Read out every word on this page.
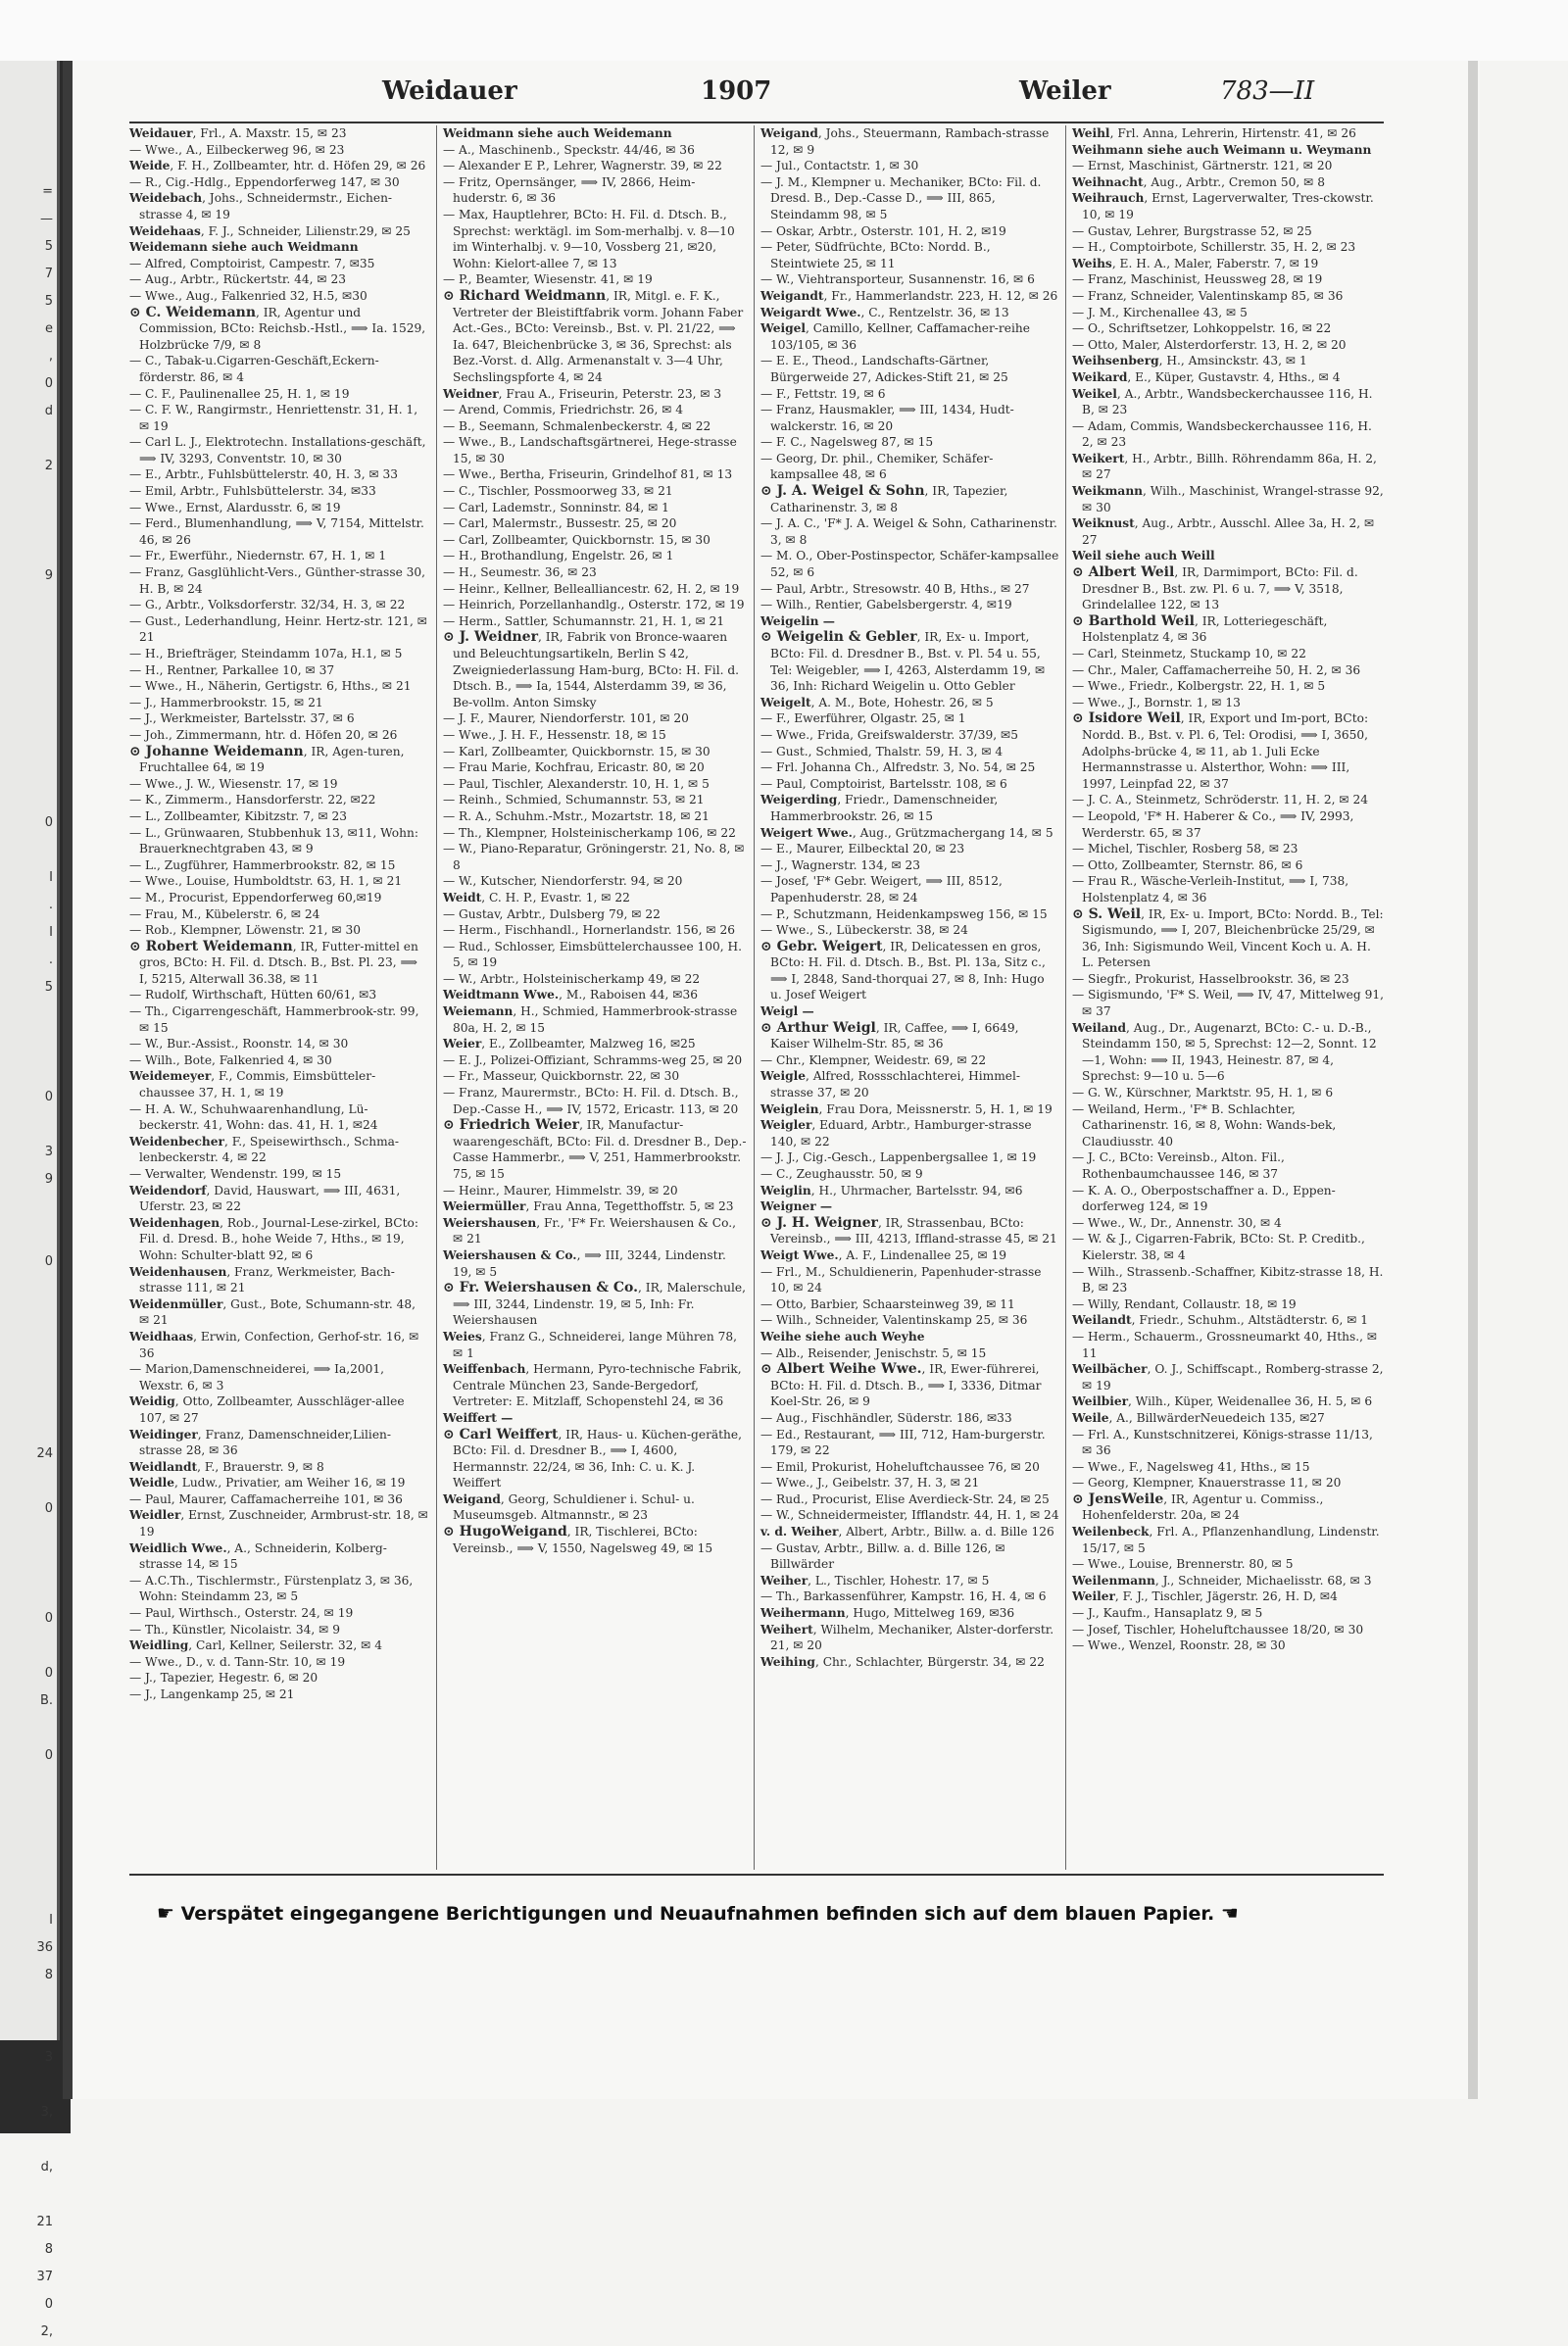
=
—
5
7
5
e
,
0
d

2

9

0

I
.
I
.
5

0

3
9

0

24

0

0

0
B.

0

I
36
8

3

3,

d,

21
8
37
0
2,
Weidauer	1907	Weiler	783—II

Weidauer, Frl., A. Maxstr. 15, ✉ 23

— Wwe., A., Eilbeckerweg 96, ✉ 23

Weide, F. H., Zollbeamter, htr. d. Höfen 29, ✉ 26

— R., Cig.-Hdlg., Eppendorferweg 147, ✉ 30

Weidebach, Johs., Schneidermstr., Eichen-strasse 4, ✉ 19

Weidehaas, F. J., Schneider, Lilienstr.29, ✉ 25

Weidemann siehe auch Weidmann

— Alfred, Comptoirist, Campestr. 7, ✉35

— Aug., Arbtr., Rückertstr. 44, ✉ 23

— Wwe., Aug., Falkenried 32, H.5, ✉30

⊙ C. Weidemann, IR, Agentur und Commission, BCto: Reichsb.-Hstl., ⟹ Ia. 1529, Holzbrücke 7/9, ✉ 8

— C., Tabak-u.Cigarren-Geschäft,Eckern-förderstr. 86, ✉ 4

— C. F., Paulinenallee 25, H. 1, ✉ 19

— C. F. W., Rangirmstr., Henriettenstr. 31, H. 1, ✉ 19

— Carl L. J., Elektrotechn. Installations-geschäft, ⟹ IV, 3293, Conventstr. 10, ✉ 30

— E., Arbtr., Fuhlsbüttelerstr. 40, H. 3, ✉ 33

— Emil, Arbtr., Fuhlsbüttelerstr. 34, ✉33

— Wwe., Ernst, Alardusstr. 6, ✉ 19

— Ferd., Blumenhandlung, ⟹ V, 7154, Mittelstr. 46, ✉ 26

— Fr., Ewerführ., Niedernstr. 67, H. 1, ✉ 1

— Franz, Gasglühlicht-Vers., Günther-strasse 30, H. B, ✉ 24

— G., Arbtr., Volksdorferstr. 32/34, H. 3, ✉ 22

— Gust., Lederhandlung, Heinr. Hertz-str. 121, ✉ 21

— H., Briefträger, Steindamm 107a, H.1, ✉ 5

— H., Rentner, Parkallee 10, ✉ 37

— Wwe., H., Näherin, Gertigstr. 6, Hths., ✉ 21

— J., Hammerbrookstr. 15, ✉ 21

— J., Werkmeister, Bartelsstr. 37, ✉ 6

— Joh., Zimmermann, htr. d. Höfen 20, ✉ 26

⊙ Johanne Weidemann, IR, Agen-turen, Fruchtallee 64, ✉ 19

— Wwe., J. W., Wiesenstr. 17, ✉ 19

— K., Zimmerm., Hansdorferstr. 22, ✉22

— L., Zollbeamter, Kibitzstr. 7, ✉ 23

— L., Grünwaaren, Stubbenhuk 13, ✉11, Wohn: Brauerknechtgraben 43, ✉ 9

— L., Zugführer, Hammerbrookstr. 82, ✉ 15

— Wwe., Louise, Humboldtstr. 63, H. 1, ✉ 21

— M., Procurist, Eppendorferweg 60,✉19

— Frau, M., Kübelerstr. 6, ✉ 24

— Rob., Klempner, Löwenstr. 21, ✉ 30

⊙ Robert Weidemann, IR, Futter-mittel en gros, BCto: H. Fil. d. Dtsch. B., Bst. Pl. 23, ⟹ I, 5215, Alterwall 36.38, ✉ 11

— Rudolf, Wirthschaft, Hütten 60/61, ✉3

— Th., Cigarrengeschäft, Hammerbrook-str. 99, ✉ 15

— W., Bur.-Assist., Roonstr. 14, ✉ 30

— Wilh., Bote, Falkenried 4, ✉ 30

Weidemeyer, F., Commis, Eimsbütteler-chaussee 37, H. 1, ✉ 19

— H. A. W., Schuhwaarenhandlung, Lü-beckerstr. 41, Wohn: das. 41, H. 1, ✉24

Weidenbecher, F., Speisewirthsch., Schma-lenbeckerstr. 4, ✉ 22

— Verwalter, Wendenstr. 199, ✉ 15

Weidendorf, David, Hauswart, ⟹ III, 4631, Uferstr. 23, ✉ 22

Weidenhagen, Rob., Journal-Lese-zirkel, BCto: Fil. d. Dresd. B., hohe Weide 7, Hths., ✉ 19, Wohn: Schulter-blatt 92, ✉ 6

Weidenhausen, Franz, Werkmeister, Bach-strasse 111, ✉ 21

Weidenmüller, Gust., Bote, Schumann-str. 48, ✉ 21

Weidhaas, Erwin, Confection, Gerhof-str. 16, ✉ 36

— Marion,Damenschneiderei, ⟹ Ia,2001, Wexstr. 6, ✉ 3

Weidig, Otto, Zollbeamter, Ausschläger-allee 107, ✉ 27

Weidinger, Franz, Damenschneider,Lilien-strasse 28, ✉ 36

Weidlandt, F., Brauerstr. 9, ✉ 8

Weidle, Ludw., Privatier, am Weiher 16, ✉ 19

— Paul, Maurer, Caffamacherreihe 101, ✉ 36

Weidler, Ernst, Zuschneider, Armbrust-str. 18, ✉ 19

Weidlich Wwe., A., Schneiderin, Kolberg-strasse 14, ✉ 15

— A.C.Th., Tischlermstr., Fürstenplatz 3, ✉ 36, Wohn: Steindamm 23, ✉ 5

— Paul, Wirthsch., Osterstr. 24, ✉ 19

— Th., Künstler, Nicolaistr. 34, ✉ 9

Weidling, Carl, Kellner, Seilerstr. 32, ✉ 4

— Wwe., D., v. d. Tann-Str. 10, ✉ 19

— J., Tapezier, Hegestr. 6, ✉ 20

— J., Langenkamp 25, ✉ 21

Weidmann siehe auch Weidemann

— A., Maschinenb., Speckstr. 44/46, ✉ 36

— Alexander E P., Lehrer, Wagnerstr. 39, ✉ 22

— Fritz, Opernsänger, ⟹ IV, 2866, Heim-huderstr. 6, ✉ 36

— Max, Hauptlehrer, BCto: H. Fil. d. Dtsch. B., Sprechst: werktägl. im Som-merhalbj. v. 8—10 im Winterhalbj. v. 9—10, Vossberg 21, ✉20, Wohn: Kielort-allee 7, ✉ 13

— P., Beamter, Wiesenstr. 41, ✉ 19

⊙ Richard Weidmann, IR, Mitgl. e. F. K., Vertreter der Bleistiftfabrik vorm. Johann Faber Act.-Ges., BCto: Vereinsb., Bst. v. Pl. 21/22, ⟹ Ia. 647, Bleichenbrücke 3, ✉ 36, Sprechst: als Bez.-Vorst. d. Allg. Armenanstalt v. 3—4 Uhr, Sechslingspforte 4, ✉ 24

Weidner, Frau A., Friseurin, Peterstr. 23, ✉ 3

— Arend, Commis, Friedrichstr. 26, ✉ 4

— B., Seemann, Schmalenbeckerstr. 4, ✉ 22

— Wwe., B., Landschaftsgärtnerei, Hege-strasse 15, ✉ 30

— Wwe., Bertha, Friseurin, Grindelhof 81, ✉ 13

— C., Tischler, Possmoorweg 33, ✉ 21

— Carl, Lademstr., Sonninstr. 84, ✉ 1

— Carl, Malermstr., Bussestr. 25, ✉ 20

— Carl, Zollbeamter, Quickbornstr. 15, ✉ 30

— H., Brothandlung, Engelstr. 26, ✉ 1

— H., Seumestr. 36, ✉ 23

— Heinr., Kellner, Bellealliancestr. 62, H. 2, ✉ 19

— Heinrich, Porzellanhandlg., Osterstr. 172, ✉ 19

— Herm., Sattler, Schumannstr. 21, H. 1, ✉ 21

⊙ J. Weidner, IR, Fabrik von Bronce-waaren und Beleuchtungsartikeln, Berlin S 42, Zweigniederlassung Ham-burg, BCto: H. Fil. d. Dtsch. B., ⟹ Ia, 1544, Alsterdamm 39, ✉ 36, Be-vollm. Anton Simsky

— J. F., Maurer, Niendorferstr. 101, ✉ 20

— Wwe., J. H. F., Hessenstr. 18, ✉ 15

— Karl, Zollbeamter, Quickbornstr. 15, ✉ 30

— Frau Marie, Kochfrau, Ericastr. 80, ✉ 20

— Paul, Tischler, Alexanderstr. 10, H. 1, ✉ 5

— Reinh., Schmied, Schumannstr. 53, ✉ 21

— R. A., Schuhm.-Mstr., Mozartstr. 18, ✉ 21

— Th., Klempner, Holsteinischerkamp 106, ✉ 22

— W., Piano-Reparatur, Gröningerstr. 21, No. 8, ✉ 8

— W., Kutscher, Niendorferstr. 94, ✉ 20

Weidt, C. H. P., Evastr. 1, ✉ 22

— Gustav, Arbtr., Dulsberg 79, ✉ 22

— Herm., Fischhandl., Hornerlandstr. 156, ✉ 26

— Rud., Schlosser, Eimsbüttelerchaussee 100, H. 5, ✉ 19

— W., Arbtr., Holsteinischerkamp 49, ✉ 22

Weidtmann Wwe., M., Raboisen 44, ✉36

Weiemann, H., Schmied, Hammerbrook-strasse 80a, H. 2, ✉ 15

Weier, E., Zollbeamter, Malzweg 16, ✉25

— E. J., Polizei-Offiziant, Schramms-weg 25, ✉ 20

— Fr., Masseur, Quickbornstr. 22, ✉ 30

— Franz, Maurermstr., BCto: H. Fil. d. Dtsch. B., Dep.-Casse H., ⟹ IV, 1572, Ericastr. 113, ✉ 20

⊙ Friedrich Weier, IR, Manufactur-waarengeschäft, BCto: Fil. d. Dresdner B., Dep.-Casse Hammerbr., ⟹ V, 251, Hammerbrookstr. 75, ✉ 15

— Heinr., Maurer, Himmelstr. 39, ✉ 20

Weiermüller, Frau Anna, Tegetthoffstr. 5, ✉ 23

Weiershausen, Fr., 'F* Fr. Weiershausen & Co., ✉ 21

Weiershausen & Co., ⟹ III, 3244, Lindenstr. 19, ✉ 5

⊙ Fr. Weiershausen & Co., IR, Malerschule, ⟹ III, 3244, Lindenstr. 19, ✉ 5, Inh: Fr. Weiershausen

Weies, Franz G., Schneiderei, lange Mühren 78, ✉ 1

Weiffenbach, Hermann, Pyro-technische Fabrik, Centrale München 23, Sande-Bergedorf, Vertreter: E. Mitzlaff, Schopenstehl 24, ✉ 36

Weiffert —

⊙ Carl Weiffert, IR, Haus- u. Küchen-geräthe, BCto: Fil. d. Dresdner B., ⟹ I, 4600, Hermannstr. 22/24, ✉ 36, Inh: C. u. K. J. Weiffert

Weigand, Georg, Schuldiener i. Schul- u. Museumsgeb. Altmannstr., ✉ 23

⊙ HugoWeigand, IR, Tischlerei, BCto: Vereinsb., ⟹ V, 1550, Nagelsweg 49, ✉ 15

Weigand, Johs., Steuermann, Rambach-strasse 12, ✉ 9

— Jul., Contactstr. 1, ✉ 30

— J. M., Klempner u. Mechaniker, BCto: Fil. d. Dresd. B., Dep.-Casse D., ⟹ III, 865, Steindamm 98, ✉ 5

— Oskar, Arbtr., Osterstr. 101, H. 2, ✉19

— Peter, Südfrüchte, BCto: Nordd. B., Steintwiete 25, ✉ 11

— W., Viehtransporteur, Susannenstr. 16, ✉ 6

Weigandt, Fr., Hammerlandstr. 223, H. 12, ✉ 26

Weigardt Wwe., C., Rentzelstr. 36, ✉ 13

Weigel, Camillo, Kellner, Caffamacher-reihe 103/105, ✉ 36

— E. E., Theod., Landschafts-Gärtner, Bürgerweide 27, Adickes-Stift 21, ✉ 25

— F., Fettstr. 19, ✉ 6

— Franz, Hausmakler, ⟹ III, 1434, Hudt-walckerstr. 16, ✉ 20

— F. C., Nagelsweg 87, ✉ 15

— Georg, Dr. phil., Chemiker, Schäfer-kampsallee 48, ✉ 6

⊙ J. A. Weigel & Sohn, IR, Tapezier, Catharinenstr. 3, ✉ 8

— J. A. C., 'F* J. A. Weigel & Sohn, Catharinenstr. 3, ✉ 8

— M. O., Ober-Postinspector, Schäfer-kampsallee 52, ✉ 6

— Paul, Arbtr., Stresowstr. 40 B, Hths., ✉ 27

— Wilh., Rentier, Gabelsbergerstr. 4, ✉19

Weigelin —

⊙ Weigelin & Gebler, IR, Ex- u. Import, BCto: Fil. d. Dresdner B., Bst. v. Pl. 54 u. 55, Tel: Weigebler, ⟹ I, 4263, Alsterdamm 19, ✉ 36, Inh: Richard Weigelin u. Otto Gebler

Weigelt, A. M., Bote, Hohestr. 26, ✉ 5

— F., Ewerführer, Olgastr. 25, ✉ 1

— Wwe., Frida, Greifswalderstr. 37/39, ✉5

— Gust., Schmied, Thalstr. 59, H. 3, ✉ 4

— Frl. Johanna Ch., Alfredstr. 3, No. 54, ✉ 25

— Paul, Comptoirist, Bartelsstr. 108, ✉ 6

Weigerding, Friedr., Damenschneider, Hammerbrookstr. 26, ✉ 15

Weigert Wwe., Aug., Grützmachergang 14, ✉ 5

— E., Maurer, Eilbecktal 20, ✉ 23

— J., Wagnerstr. 134, ✉ 23

— Josef, 'F* Gebr. Weigert, ⟹ III, 8512, Papenhuderstr. 28, ✉ 24

— P., Schutzmann, Heidenkampsweg 156, ✉ 15

— Wwe., S., Lübeckerstr. 38, ✉ 24

⊙ Gebr. Weigert, IR, Delicatessen en gros, BCto: H. Fil. d. Dtsch. B., Bst. Pl. 13a, Sitz c., ⟹ I, 2848, Sand-thorquai 27, ✉ 8, Inh: Hugo u. Josef Weigert

Weigl —

⊙ Arthur Weigl, IR, Caffee, ⟹ I, 6649, Kaiser Wilhelm-Str. 85, ✉ 36

— Chr., Klempner, Weidestr. 69, ✉ 22

Weigle, Alfred, Rossschlachterei, Himmel-strasse 37, ✉ 20

Weiglein, Frau Dora, Meissnerstr. 5, H. 1, ✉ 19

Weigler, Eduard, Arbtr., Hamburger-strasse 140, ✉ 22

— J. J., Cig.-Gesch., Lappenbergsallee 1, ✉ 19

— C., Zeughausstr. 50, ✉ 9

Weiglin, H., Uhrmacher, Bartelsstr. 94, ✉6

Weigner —

⊙ J. H. Weigner, IR, Strassenbau, BCto: Vereinsb., ⟹ III, 4213, Iffland-strasse 45, ✉ 21

Weigt Wwe., A. F., Lindenallee 25, ✉ 19

— Frl., M., Schuldienerin, Papenhuder-strasse 10, ✉ 24

— Otto, Barbier, Schaarsteinweg 39, ✉ 11

— Wilh., Schneider, Valentinskamp 25, ✉ 36

Weihe siehe auch Weyhe

— Alb., Reisender, Jenischstr. 5, ✉ 15

⊙ Albert Weihe Wwe., IR, Ewer-führerei, BCto: H. Fil. d. Dtsch. B., ⟹ I, 3336, Ditmar Koel-Str. 26, ✉ 9

— Aug., Fischhändler, Süderstr. 186, ✉33

— Ed., Restaurant, ⟹ III, 712, Ham-burgerstr. 179, ✉ 22

— Emil, Prokurist, Hoheluftchaussee 76, ✉ 20

— Wwe., J., Geibelstr. 37, H. 3, ✉ 21

— Rud., Procurist, Elise Averdieck-Str. 24, ✉ 25

— W., Schneidermeister, Ifflandstr. 44, H. 1, ✉ 24

v. d. Weiher, Albert, Arbtr., Billw. a. d. Bille 126

— Gustav, Arbtr., Billw. a. d. Bille 126, ✉ Billwärder

Weiher, L., Tischler, Hohestr. 17, ✉ 5

— Th., Barkassenführer, Kampstr. 16, H. 4, ✉ 6

Weihermann, Hugo, Mittelweg 169, ✉36

Weihert, Wilhelm, Mechaniker, Alster-dorferstr. 21, ✉ 20

Weihing, Chr., Schlachter, Bürgerstr. 34, ✉ 22

Weihl, Frl. Anna, Lehrerin, Hirtenstr. 41, ✉ 26

Weihmann siehe auch Weimann u. Weymann

— Ernst, Maschinist, Gärtnerstr. 121, ✉ 20

Weihnacht, Aug., Arbtr., Cremon 50, ✉ 8

Weihrauch, Ernst, Lagerverwalter, Tres-ckowstr. 10, ✉ 19

— Gustav, Lehrer, Burgstrasse 52, ✉ 25

— H., Comptoirbote, Schillerstr. 35, H. 2, ✉ 23

Weihs, E. H. A., Maler, Faberstr. 7, ✉ 19

— Franz, Maschinist, Heussweg 28, ✉ 19

— Franz, Schneider, Valentinskamp 85, ✉ 36

— J. M., Kirchenallee 43, ✉ 5

— O., Schriftsetzer, Lohkoppelstr. 16, ✉ 22

— Otto, Maler, Alsterdorferstr. 13, H. 2, ✉ 20

Weihsenberg, H., Amsinckstr. 43, ✉ 1

Weikard, E., Küper, Gustavstr. 4, Hths., ✉ 4

Weikel, A., Arbtr., Wandsbeckerchaussee 116, H. B, ✉ 23

— Adam, Commis, Wandsbeckerchaussee 116, H. 2, ✉ 23

Weikert, H., Arbtr., Billh. Röhrendamm 86a, H. 2, ✉ 27

Weikmann, Wilh., Maschinist, Wrangel-strasse 92, ✉ 30

Weiknust, Aug., Arbtr., Ausschl. Allee 3a, H. 2, ✉ 27

Weil siehe auch Weill

⊙ Albert Weil, IR, Darmimport, BCto: Fil. d. Dresdner B., Bst. zw. Pl. 6 u. 7, ⟹ V, 3518, Grindelallee 122, ✉ 13

⊙ Barthold Weil, IR, Lotteriegeschäft, Holstenplatz 4, ✉ 36

— Carl, Steinmetz, Stuckamp 10, ✉ 22

— Chr., Maler, Caffamacherreihe 50, H. 2, ✉ 36

— Wwe., Friedr., Kolbergstr. 22, H. 1, ✉ 5

— Wwe., J., Bornstr. 1, ✉ 13

⊙ Isidore Weil, IR, Export und Im-port, BCto: Nordd. B., Bst. v. Pl. 6, Tel: Orodisi, ⟹ I, 3650, Adolphs-brücke 4, ✉ 11, ab 1. Juli Ecke Hermannstrasse u. Alsterthor, Wohn: ⟹ III, 1997, Leinpfad 22, ✉ 37

— J. C. A., Steinmetz, Schröderstr. 11, H. 2, ✉ 24

— Leopold, 'F* H. Haberer & Co., ⟹ IV, 2993, Werderstr. 65, ✉ 37

— Michel, Tischler, Rosberg 58, ✉ 23

— Otto, Zollbeamter, Sternstr. 86, ✉ 6

— Frau R., Wäsche-Verleih-Institut, ⟹ I, 738, Holstenplatz 4, ✉ 36

⊙ S. Weil, IR, Ex- u. Import, BCto: Nordd. B., Tel: Sigismundo, ⟹ I, 207, Bleichenbrücke 25/29, ✉ 36, Inh: Sigismundo Weil, Vincent Koch u. A. H. L. Petersen

— Siegfr., Prokurist, Hasselbrookstr. 36, ✉ 23

— Sigismundo, 'F* S. Weil, ⟹ IV, 47, Mittelweg 91, ✉ 37

Weiland, Aug., Dr., Augenarzt, BCto: C.- u. D.-B., Steindamm 150, ✉ 5, Sprechst: 12—2, Sonnt. 12—1, Wohn: ⟹ II, 1943, Heinestr. 87, ✉ 4, Sprechst: 9—10 u. 5—6

— G. W., Kürschner, Marktstr. 95, H. 1, ✉ 6

— Weiland, Herm., 'F* B. Schlachter, Catharinenstr. 16, ✉ 8, Wohn: Wands-bek, Claudiusstr. 40

— J. C., BCto: Vereinsb., Alton. Fil., Rothenbaumchaussee 146, ✉ 37

— K. A. O., Oberpostschaffner a. D., Eppen-dorferweg 124, ✉ 19

— Wwe., W., Dr., Annenstr. 30, ✉ 4

— W. & J., Cigarren-Fabrik, BCto: St. P. Creditb., Kielerstr. 38, ✉ 4

— Wilh., Strassenb.-Schaffner, Kibitz-strasse 18, H. B, ✉ 23

— Willy, Rendant, Collaustr. 18, ✉ 19

Weilandt, Friedr., Schuhm., Altstädterstr. 6, ✉ 1

— Herm., Schauerm., Grossneumarkt 40, Hths., ✉ 11

Weilbächer, O. J., Schiffscapt., Romberg-strasse 2, ✉ 19

Weilbier, Wilh., Küper, Weidenallee 36, H. 5, ✉ 6

Weile, A., BillwärderNeuedeich 135, ✉27

— Frl. A., Kunstschnitzerei, Königs-strasse 11/13, ✉ 36

— Wwe., F., Nagelsweg 41, Hths., ✉ 15

— Georg, Klempner, Knauerstrasse 11, ✉ 20

⊙ JensWeile, IR, Agentur u. Commiss., Hohenfelderstr. 20a, ✉ 24

Weilenbeck, Frl. A., Pflanzenhandlung, Lindenstr. 15/17, ✉ 5

— Wwe., Louise, Brennerstr. 80, ✉ 5

Weilenmann, J., Schneider, Michaelisstr. 68, ✉ 3

Weiler, F. J., Tischler, Jägerstr. 26, H. D, ✉4

— J., Kaufm., Hansaplatz 9, ✉ 5

— Josef, Tischler, Hoheluftchaussee 18/20, ✉ 30

— Wwe., Wenzel, Roonstr. 28, ✉ 30

☛ Verspätet eingegangene Berichtigungen und Neuaufnahmen befinden sich auf dem blauen Papier. ☚
